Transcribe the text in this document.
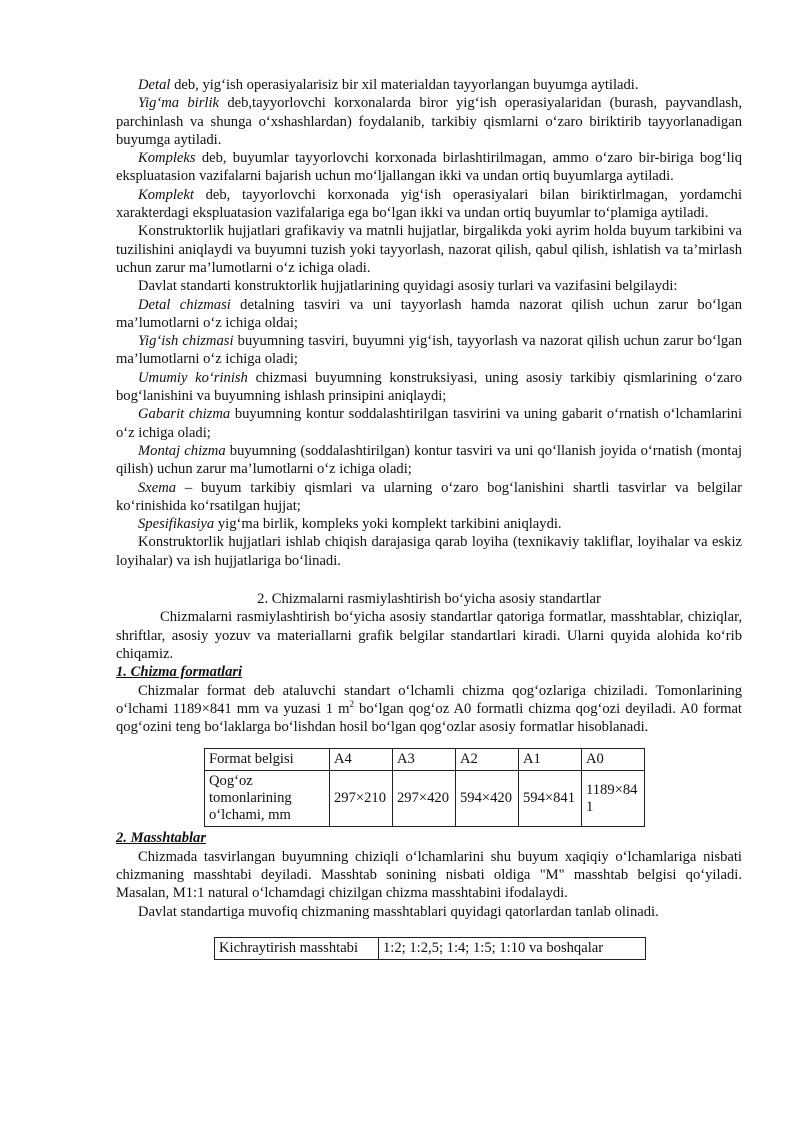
Detal deb, yig‘ish operasiyalarisiz bir xil materialdan tayyorlangan buyumga aytiladi.

Yig‘ma birlik deb,tayyorlovchi korxonalarda biror yig‘ish operasiyalaridan (burash, payvandlash, parchinlash va shunga o‘xshashlardan) foydalanib, tarkibiy qismlarni o‘zaro biriktirib tayyorlanadigan buyumga aytiladi.

Kompleks deb, buyumlar tayyorlovchi korxonada birlashtirilmagan, ammo o‘zaro bir-biriga bog‘liq ekspluatasion vazifalarni bajarish uchun mo‘ljallangan ikki va undan ortiq buyumlarga aytiladi.

Komplekt deb, tayyorlovchi korxonada yig‘ish operasiyalari bilan biriktirlmagan, yordamchi xarakterdagi ekspluatasion vazifalariga ega bo‘lgan ikki va undan ortiq buyumlar to‘plamiga aytiladi.

Konstruktorlik hujjatlari grafikaviy va matnli hujjatlar, birgalikda yoki ayrim holda buyum tarkibini va tuzilishini aniqlaydi va buyumni tuzish yoki tayyorlash, nazorat qilish, qabul qilish, ishlatish va ta’mirlash uchun zarur ma’lumotlarni o‘z ichiga oladi.

Davlat standarti konstruktorlik hujjatlarining quyidagi asosiy turlari va vazifasini belgilaydi:

Detal chizmasi detalning tasviri va uni tayyorlash hamda nazorat qilish uchun zarur bo‘lgan ma’lumotlarni o‘z ichiga oldai;

Yig‘ish chizmasi buyumning tasviri, buyumni yig‘ish, tayyorlash va nazorat qilish uchun zarur bo‘lgan ma’lumotlarni o‘z ichiga oladi;

Umumiy ko‘rinish chizmasi buyumning konstruksiyasi, uning asosiy tarkibiy qismlarining o‘zaro bog‘lanishini va buyumning ishlash prinsipini aniqlaydi;

Gabarit chizma buyumning kontur soddalashtirilgan tasvirini va uning gabarit o‘rnatish o‘lchamlarini o‘z ichiga oladi;

Montaj chizma buyumning (soddalashtirilgan) kontur tasviri va uni qo‘llanish joyida o‘rnatish (montaj qilish) uchun zarur ma’lumotlarni o‘z ichiga oladi;

Sxema – buyum tarkibiy qismlari va ularning o‘zaro bog‘lanishini shartli tasvirlar va belgilar ko‘rinishida ko‘rsatilgan hujjat;

Spesifikasiya yig‘ma birlik, kompleks yoki komplekt tarkibini aniqlaydi.

Konstruktorlik hujjatlari ishlab chiqish darajasiga qarab loyiha (texnikaviy takliflar, loyihalar va eskiz loyihalar) va ish hujjatlariga bo‘linadi.

2. Chizmalarni rasmiylashtirish bo‘yicha asosiy standartlar

Chizmalarni rasmiylashtirish bo‘yicha asosiy standartlar qatoriga formatlar, masshtablar, chiziqlar, shriftlar, asosiy yozuv va materiallarni grafik belgilar standartlari kiradi. Ularni quyida alohida ko‘rib chiqamiz.

1. Chizma formatlari

Chizmalar format deb ataluvchi standart o‘lchamli chizma qog‘ozlariga chiziladi. Tomonlarining o‘lchami 1189×841 mm va yuzasi 1 $m^2$ bo‘lgan qog‘oz A0 formatli chizma qog‘ozi deyiladi. A0 format qog‘ozini teng bo‘laklarga bo‘lishdan hosil bo‘lgan qog‘ozlar asosiy formatlar hisoblanadi.

Format belgisi	A4	A3	A2	A1	A0
Qog‘oz tomonlarining o‘lchami, mm	297×210	297×420	594×420	594×841	1189×841

2. Masshtablar

Chizmada tasvirlangan buyumning chiziqli o‘lchamlarini shu buyum xaqiqiy o‘lchamlariga nisbati chizmaning masshtabi deyiladi. Masshtab sonining nisbati oldiga "M" masshtab belgisi qo‘yiladi. Masalan, M1:1 natural o‘lchamdagi chizilgan chizma masshtabini ifodalaydi.

Davlat standartiga muvofiq chizmaning masshtablari quyidagi qatorlardan tanlab olinadi.

Kichraytirish masshtabi	1:2; 1:2,5; 1:4; 1:5; 1:10 va boshqalar
